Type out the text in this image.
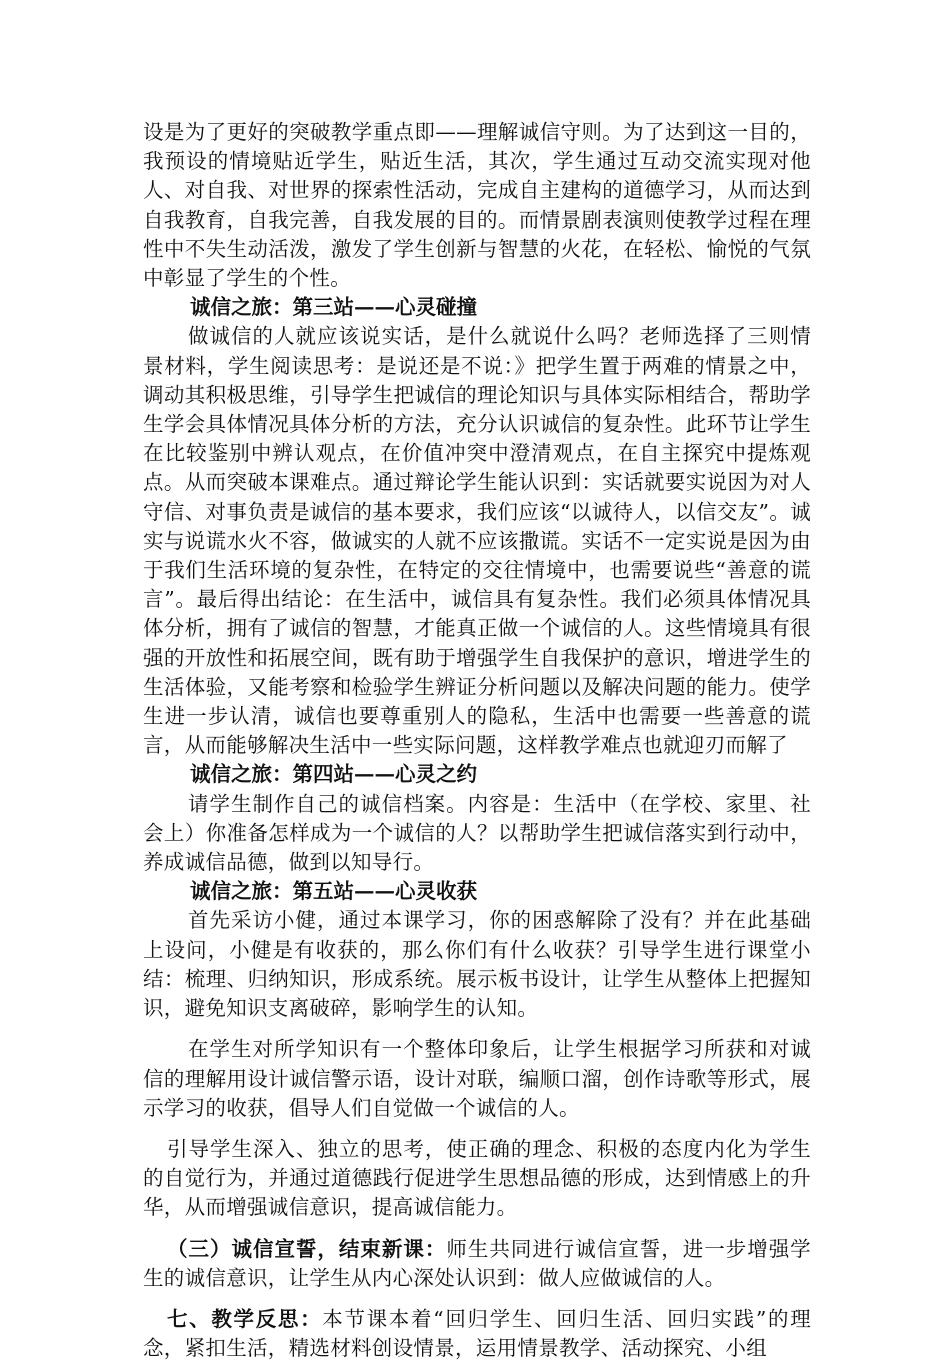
设是为了更好的突破教学重点即——理解诚信守则。为了达到这一目的，我预设的情境贴近学生，贴近生活，其次，学生通过互动交流实现对他人、对自我、对世界的探索性活动，完成自主建构的道德学习，从而达到自我教育，自我完善，自我发展的目的。而情景剧表演则使教学过程在理性中不失生动活泼，激发了学生创新与智慧的火花，在轻松、愉悦的气氛中彰显了学生的个性。

诚信之旅：第三站——心灵碰撞

做诚信的人就应该说实话，是什么就说什么吗？老师选择了三则情景材料，学生阅读思考：是说还是不说：》把学生置于两难的情景之中，调动其积极思维，引导学生把诚信的理论知识与具体实际相结合，帮助学生学会具体情况具体分析的方法，充分认识诚信的复杂性。此环节让学生在比较鉴别中辨认观点，在价值冲突中澄清观点，在自主探究中提炼观点。从而突破本课难点。通过辩论学生能认识到：实话就要实说因为对人守信、对事负责是诚信的基本要求，我们应该“以诚待人，以信交友”。诚实与说谎水火不容，做诚实的人就不应该撒谎。实话不一定实说是因为由于我们生活环境的复杂性，在特定的交往情境中，也需要说些“善意的谎言”。最后得出结论：在生活中，诚信具有复杂性。我们必须具体情况具体分析，拥有了诚信的智慧，才能真正做一个诚信的人。这些情境具有很强的开放性和拓展空间，既有助于增强学生自我保护的意识，增进学生的生活体验，又能考察和检验学生辨证分析问题以及解决问题的能力。使学生进一步认清，诚信也要尊重别人的隐私，生活中也需要一些善意的谎言，从而能够解决生活中一些实际问题，这样教学难点也就迎刃而解了

诚信之旅：第四站——心灵之约

请学生制作自己的诚信档案。内容是：生活中（在学校、家里、社会上）你准备怎样成为一个诚信的人？以帮助学生把诚信落实到行动中，养成诚信品德，做到以知导行。

诚信之旅：第五站——心灵收获

首先采访小健，通过本课学习，你的困惑解除了没有？并在此基础上设问，小健是有收获的，那么你们有什么收获？引导学生进行课堂小结：梳理、归纳知识，形成系统。展示板书设计，让学生从整体上把握知识，避免知识支离破碎，影响学生的认知。

在学生对所学知识有一个整体印象后，让学生根据学习所获和对诚信的理解用设计诚信警示语，设计对联，编顺口溜，创作诗歌等形式，展示学习的收获，倡导人们自觉做一个诚信的人。

引导学生深入、独立的思考，使正确的理念、积极的态度内化为学生的自觉行为，并通过道德践行促进学生思想品德的形成，达到情感上的升华，从而增强诚信意识，提高诚信能力。

（三）诚信宣誓，结束新课：师生共同进行诚信宣誓，进一步增强学生的诚信意识，让学生从内心深处认识到：做人应做诚信的人。

七、教学反思：本节课本着“回归学生、回归生活、回归实践”的理念，紧扣生活，精选材料创设情景，运用情景教学、活动探究、小组
